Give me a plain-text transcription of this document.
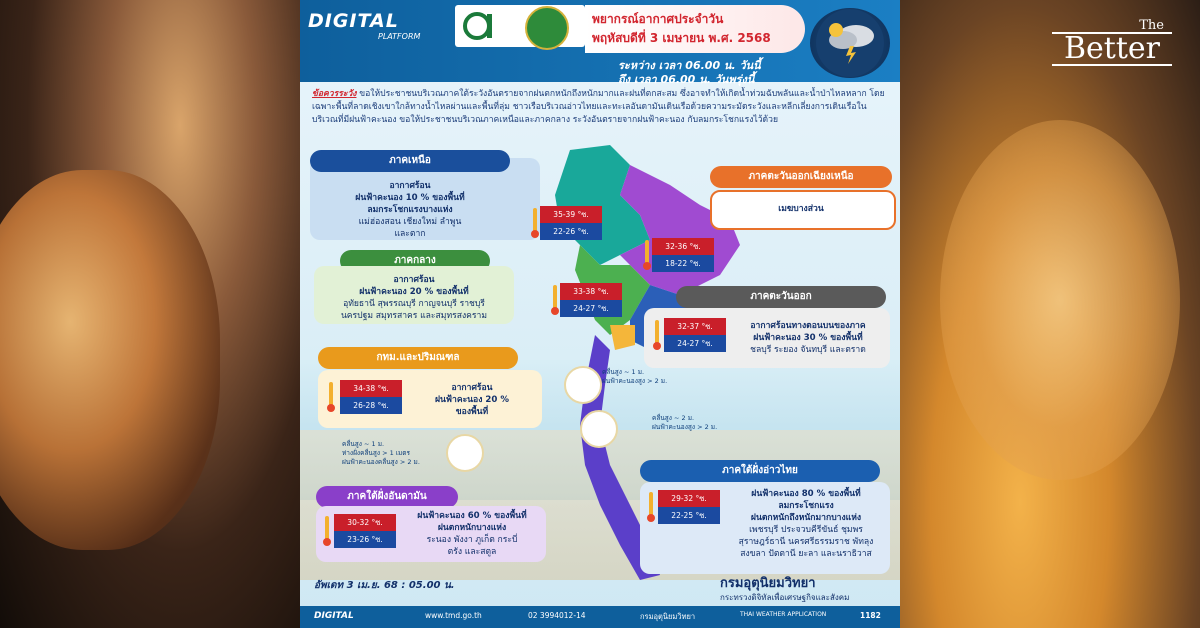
The
Better
DIGITAL
PLATFORM
พยากรณ์อากาศประจำวัน
พฤหัสบดีที่ 3 เมษายน พ.ศ. 2568
ระหว่าง เวลา 06.00 น. วันนี้
ถึง เวลา 06.00 น. วันพรุ่งนี้
ข้อควรระวัง ขอให้ประชาชนบริเวณภาคใต้ระวังอันตรายจากฝนตกหนักถึงหนักมากและฝนที่ตกสะสม ซึ่งอาจทำให้เกิดน้ำท่วมฉับพลันและน้ำป่าไหลหลาก โดยเฉพาะพื้นที่ลาดเชิงเขาใกล้ทางน้ำไหลผ่านและพื้นที่ลุ่ม ชาวเรือบริเวณอ่าวไทยและทะเลอันดามันเดินเรือด้วยความระมัดระวังและหลีกเลี่ยงการเดินเรือในบริเวณที่มีฝนฟ้าคะนอง ขอให้ประชาชนบริเวณภาคเหนือและภาคกลาง ระวังอันตรายจากฝนฟ้าคะนอง กับลมกระโชกแรงไว้ด้วย
ภาคเหนือ
อากาศร้อน
ฝนฟ้าคะนอง 10 % ของพื้นที่
ลมกระโชกแรงบางแห่ง
แม่ฮ่องสอน เชียงใหม่ ลำพูน
และตาก
35-39 °ซ.
22-26 °ซ.
ภาคตะวันออกเฉียงเหนือ
เมฆบางส่วน
32-36 °ซ.
18-22 °ซ.
ภาคกลาง
อากาศร้อน
ฝนฟ้าคะนอง 20 % ของพื้นที่
อุทัยธานี สุพรรณบุรี กาญจนบุรี ราชบุรี
นครปฐม สมุทรสาคร และสมุทรสงคราม
33-38 °ซ.
24-27 °ซ.
ภาคตะวันออก
32-37 °ซ.
24-27 °ซ.
อากาศร้อนทางตอนบนของภาค
ฝนฟ้าคะนอง 30 % ของพื้นที่
ชลบุรี ระยอง จันทบุรี และตราด
กทม.และปริมณฑล
34-38 °ซ.
26-28 °ซ.
อากาศร้อน
ฝนฟ้าคะนอง 20 %
ของพื้นที่
คลื่นสูง ~ 1 ม.
ฝนฟ้าคะนองสูง > 2 ม.
คลื่นสูง ~ 2 ม.
ฝนฟ้าคะนองสูง > 2 ม.
คลื่นสูง ~ 1 ม.
ห่างฝั่งคลื่นสูง > 1 เมตร
ฝนฟ้าคะนองคลื่นสูง > 2 ม.
ภาคใต้ฝั่งอ่าวไทย
29-32 °ซ.
22-25 °ซ.
ฝนฟ้าคะนอง 80 % ของพื้นที่
ลมกระโชกแรง
ฝนตกหนักถึงหนักมากบางแห่ง
เพชรบุรี ประจวบคีรีขันธ์ ชุมพร
สุราษฎร์ธานี นครศรีธรรมราช พัทลุง
สงขลา ปัตตานี ยะลา และนราธิวาส
ภาคใต้ฝั่งอันดามัน
30-32 °ซ.
23-26 °ซ.
ฝนฟ้าคะนอง 60 % ของพื้นที่
ฝนตกหนักบางแห่ง
ระนอง พังงา ภูเก็ต กระบี่
ตรัง และสตูล
อัพเดท 3 เม.ย. 68 : 05.00 น.	กรมอุตุนิยมวิทยา
กระทรวงดิจิทัลเพื่อเศรษฐกิจและสังคม
DIGITAL	www.tmd.go.th	02 3994012-14	กรมอุตุนิยมวิทยา	THAI WEATHER APPLICATION	1182
